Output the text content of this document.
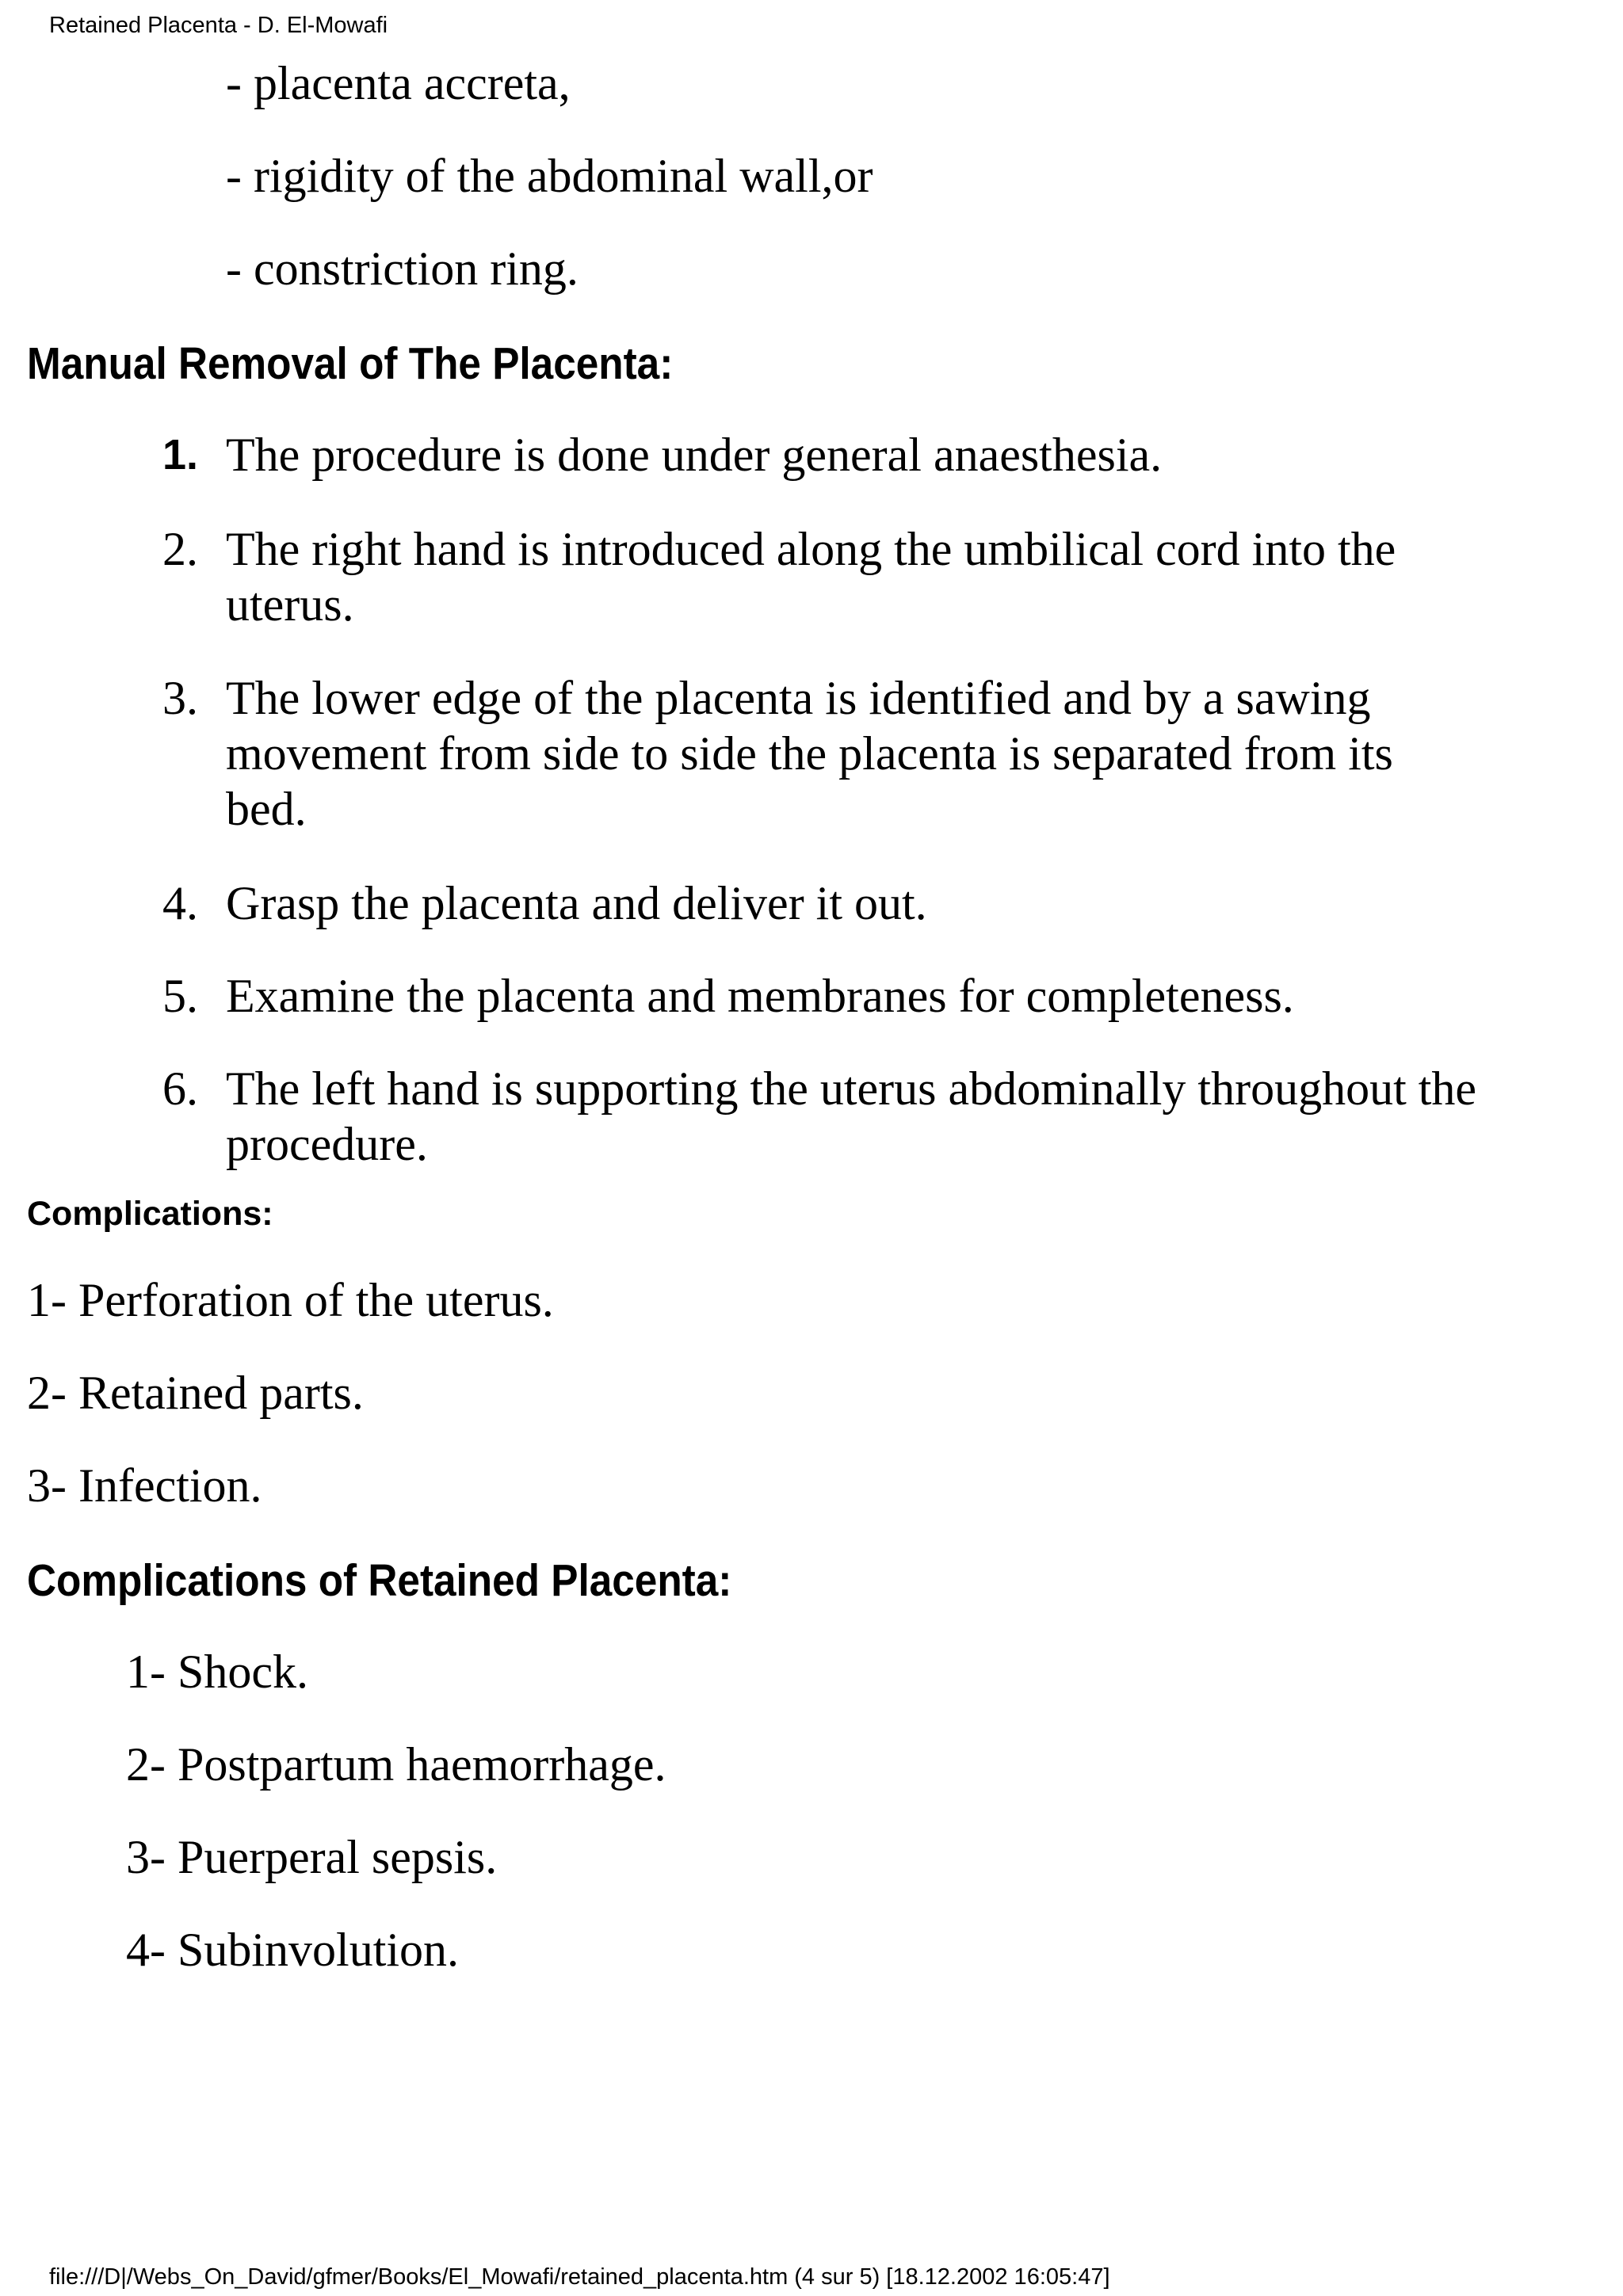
Retained Placenta - D. El-Mowafi
- placenta accreta,
- rigidity of the abdominal wall,or
- constriction ring.
Manual Removal of The Placenta:
1. The procedure is done under general anaesthesia.
2. The right hand is introduced along the umbilical cord into the uterus.
3. The lower edge of the placenta is identified and by a sawing movement from side to side the placenta is separated from its bed.
4. Grasp the placenta and deliver it out.
5. Examine the placenta and membranes for completeness.
6. The left hand is supporting the uterus abdominally throughout the procedure.
Complications:
1- Perforation of the uterus.
2- Retained parts.
3- Infection.
Complications of Retained Placenta:
1- Shock.
2- Postpartum haemorrhage.
3- Puerperal sepsis.
4- Subinvolution.
file:///D|/Webs_On_David/gfmer/Books/El_Mowafi/retained_placenta.htm (4 sur 5) [18.12.2002 16:05:47]
